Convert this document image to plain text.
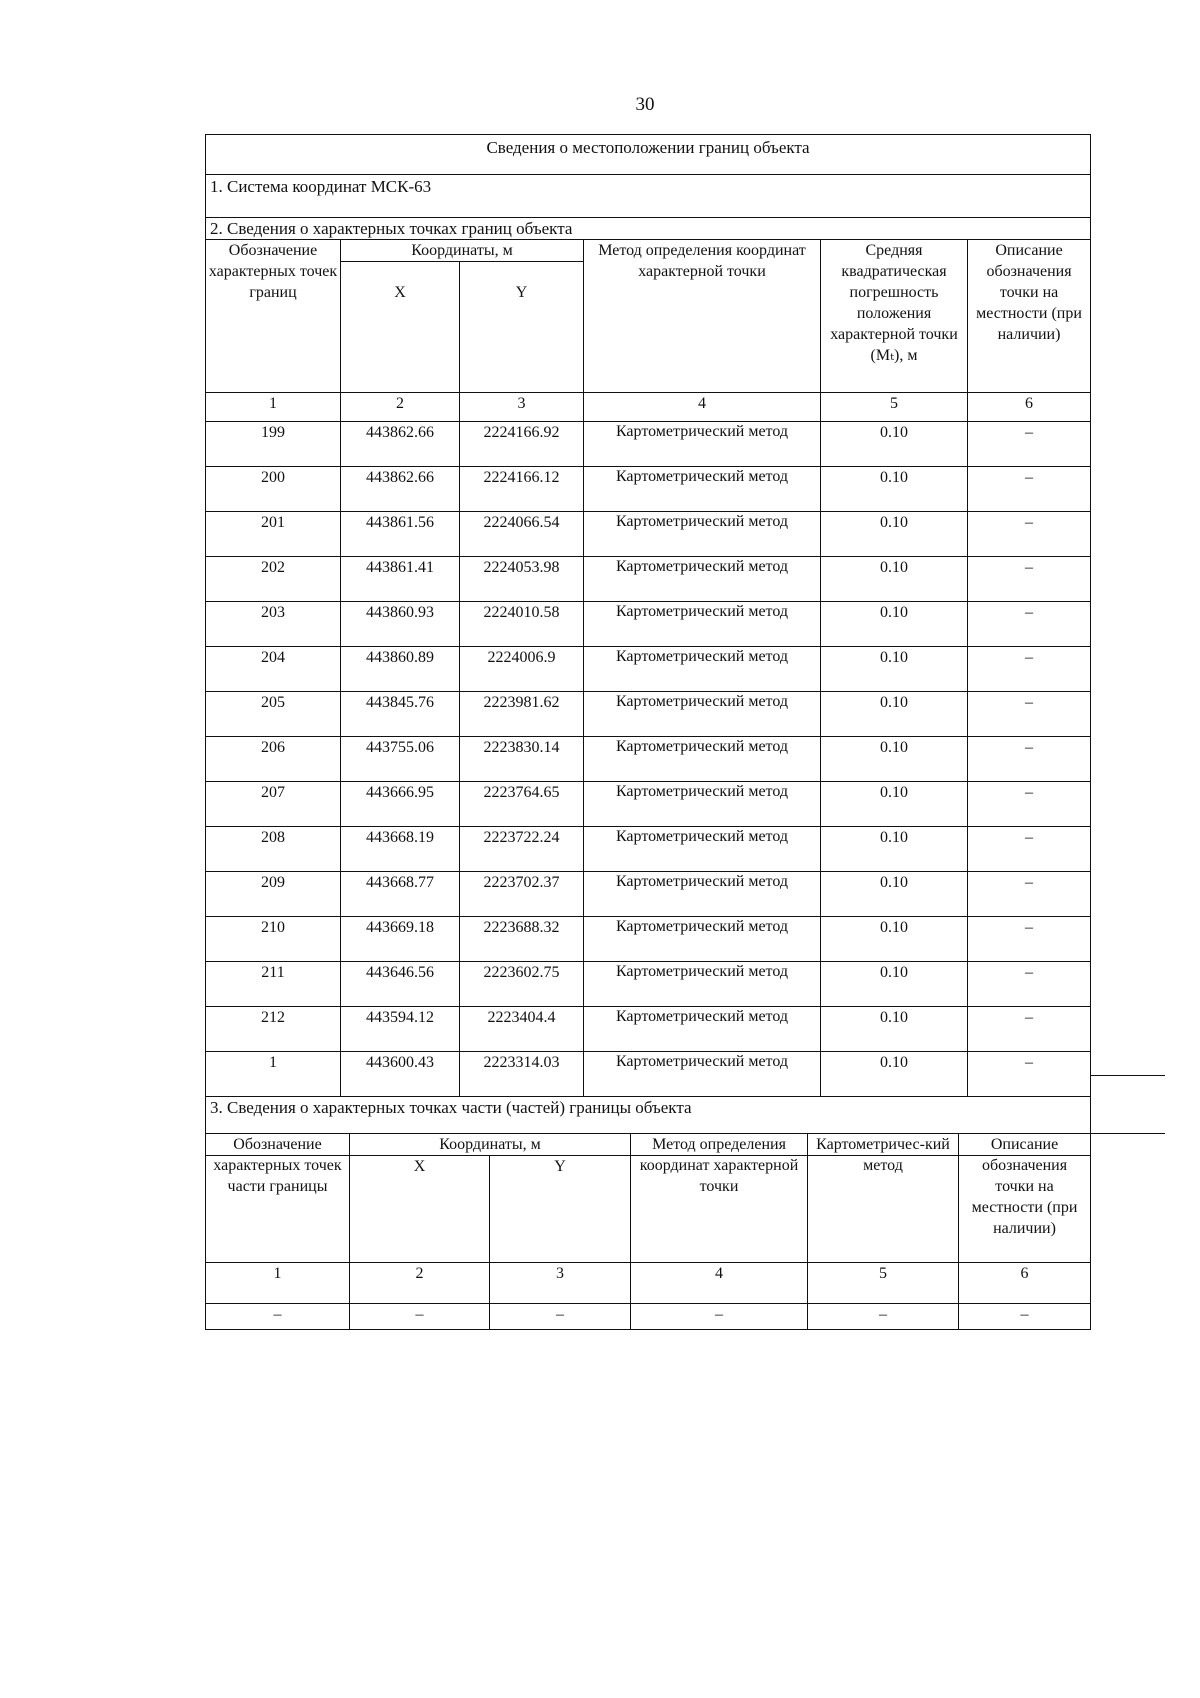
30
Сведения о местоположении границ объекта					
1. Система координат МСК-63					
2. Сведения о характерных точках границ объекта					
Обозначение характерных точек границ	Координаты, м		Метод определения координат характерной точки	Средняя квадратическая погрешность положения характерной точки (Mₜ), м	Описание обозначения точки на местности (при наличии)
	X	Y			
1	2	3	4	5	6
199	443862.66	2224166.92	Картометрический метод	0.10	–
200	443862.66	2224166.12	Картометрический метод	0.10	–
201	443861.56	2224066.54	Картометрический метод	0.10	–
202	443861.41	2224053.98	Картометрический метод	0.10	–
203	443860.93	2224010.58	Картометрический метод	0.10	–
204	443860.89	2224006.9	Картометрический метод	0.10	–
205	443845.76	2223981.62	Картометрический метод	0.10	–
206	443755.06	2223830.14	Картометрический метод	0.10	–
207	443666.95	2223764.65	Картометрический метод	0.10	–
208	443668.19	2223722.24	Картометрический метод	0.10	–
209	443668.77	2223702.37	Картометрический метод	0.10	–
210	443669.18	2223688.32	Картометрический метод	0.10	–
211	443646.56	2223602.75	Картометрический метод	0.10	–
212	443594.12	2223404.4	Картометрический метод	0.10	–
1	443600.43	2223314.03	Картометрический метод	0.10	–
3. Сведения о характерных точках части (частей) границы объекта					
Обозначение характерных точек части границы	Координаты, м		Метод определения координат характерной точки	Картометричес-кий метод	Описание обозначения точки на местности (при наличии)
	X	Y			
1	2	3	4	5	6
–	–	–	–	–	–
